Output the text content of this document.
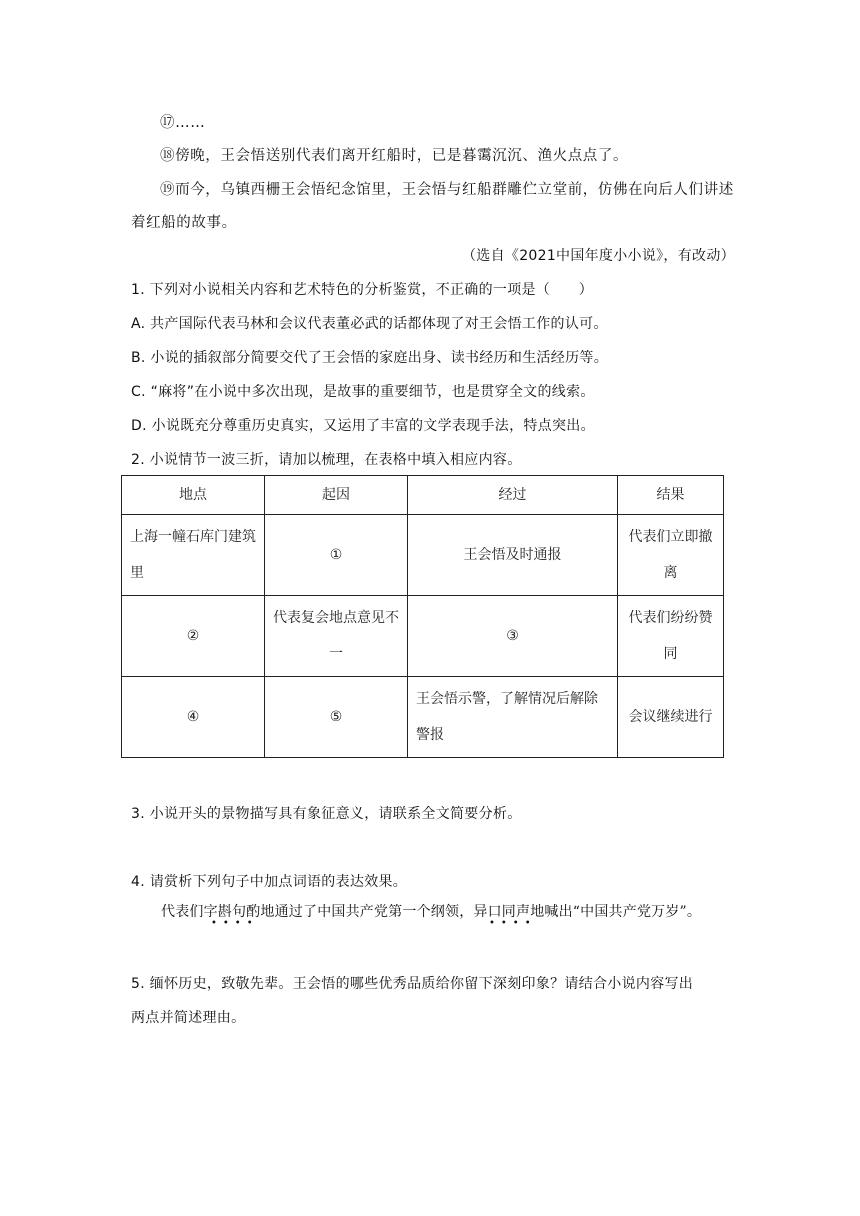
⑰……
⑱傍晚，王会悟送别代表们离开红船时，已是暮霭沉沉、渔火点点了。
⑲而今，乌镇西栅王会悟纪念馆里，王会悟与红船群雕伫立堂前，仿佛在向后人们讲述
着红船的故事。
（选自《2021中国年度小小说》，有改动）
1. 下列对小说相关内容和艺术特色的分析鉴赏，不正确的一项是（　　）
A. 共产国际代表马林和会议代表董必武的话都体现了对王会悟工作的认可。
B. 小说的插叙部分简要交代了王会悟的家庭出身、读书经历和生活经历等。
C. “麻将”在小说中多次出现，是故事的重要细节，也是贯穿全文的线索。
D. 小说既充分尊重历史真实，又运用了丰富的文学表现手法，特点突出。
2. 小说情节一波三折，请加以梳理，在表格中填入相应内容。
地点	起因	经过	结果
上海一幢石库门建筑里	①	王会悟及时通报	代表们立即撤离
②	代表复会地点意见不一	③	代表们纷纷赞同
④	⑤	王会悟示警，了解情况后解除警报	会议继续进行
3. 小说开头的景物描写具有象征意义，请联系全文简要分析。
4. 请赏析下列句子中加点词语的表达效果。
代表们字斟句酌地通过了中国共产党第一个纲领，异口同声地喊出“中国共产党万岁”。
••••	••••
5. 缅怀历史，致敬先辈。王会悟的哪些优秀品质给你留下深刻印象？请结合小说内容写出
两点并简述理由。
